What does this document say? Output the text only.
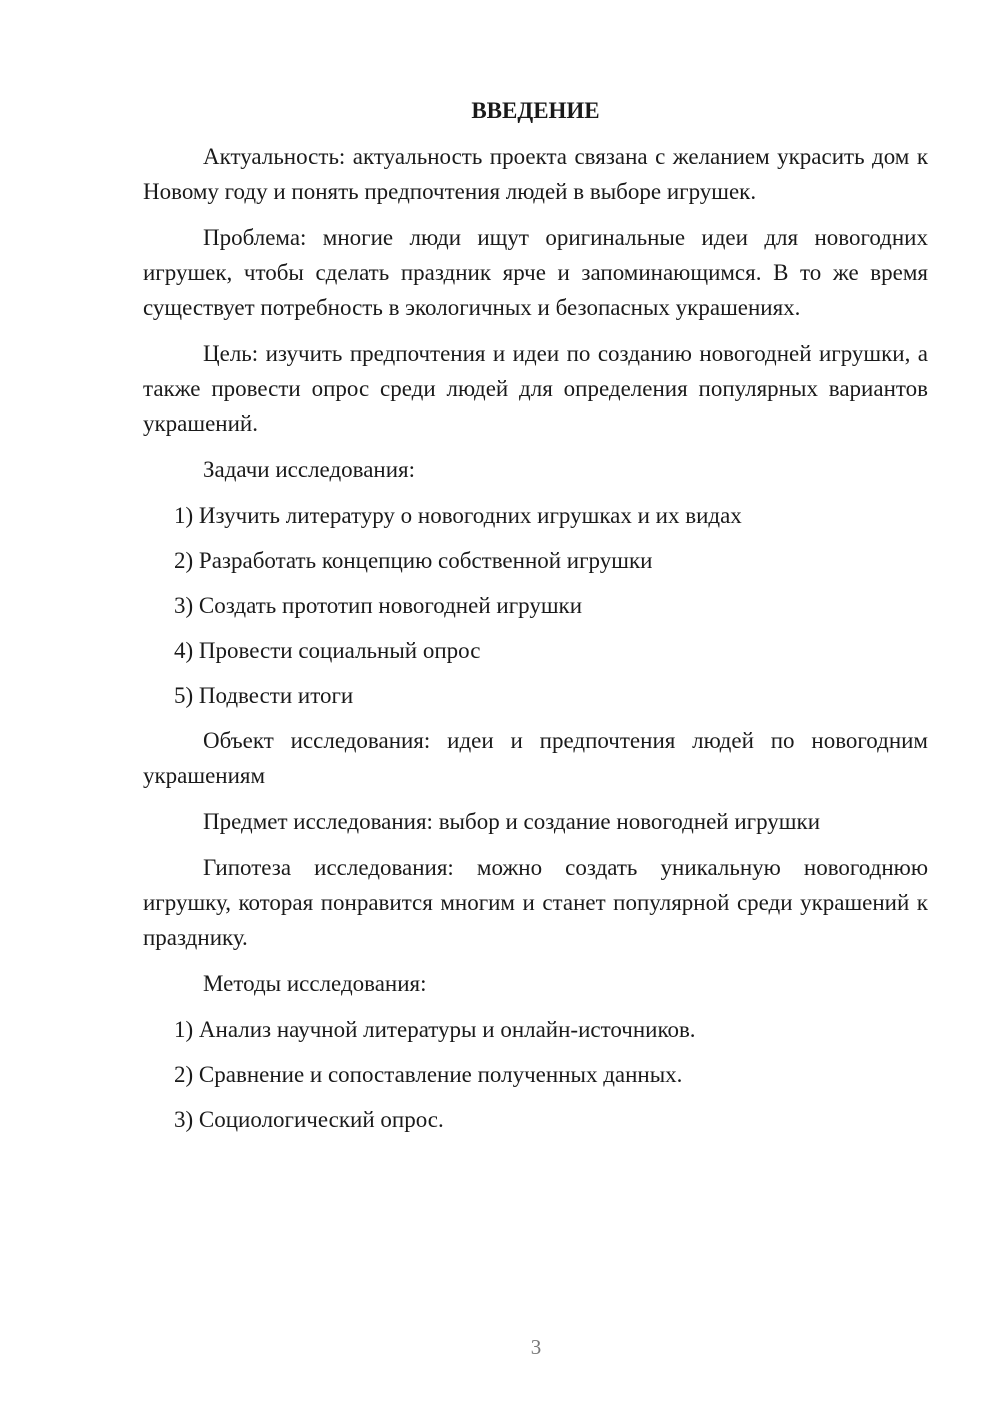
ВВЕДЕНИЕ

Актуальность: актуальность проекта связана с желанием украсить дом к Новому году и понять предпочтения людей в выборе игрушек.

Проблема: многие люди ищут оригинальные идеи для новогодних игрушек, чтобы сделать праздник ярче и запоминающимся. В то же время существует потребность в экологичных и безопасных украшениях.

Цель: изучить предпочтения и идеи по созданию новогодней игрушки, а также провести опрос среди людей для определения популярных вариантов украшений.

Задачи исследования:

1) Изучить литературу о новогодних игрушках и их видах

2) Разработать концепцию собственной игрушки

3) Создать прототип новогодней игрушки

4) Провести социальный опрос

5) Подвести итоги

Объект исследования: идеи и предпочтения людей по новогодним украшениям

Предмет исследования: выбор и создание новогодней игрушки

Гипотеза исследования: можно создать уникальную новогоднюю игрушку, которая понравится многим и станет популярной среди украшений к празднику.

Методы исследования:

1) Анализ научной литературы и онлайн-источников.

2) Сравнение и сопоставление полученных данных.

3) Социологический опрос.

3
